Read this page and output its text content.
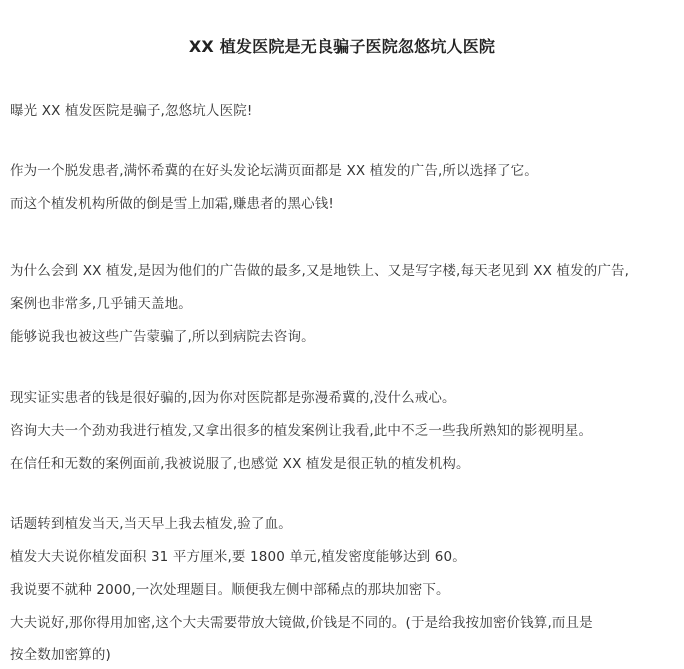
XX 植发医院是无良骗子医院忽悠坑人医院
曝光 XX 植发医院是骗子,忽悠坑人医院!
作为一个脱发患者,满怀希冀的在好头发论坛满页面都是 XX 植发的广告,所以选择了它。
而这个植发机构所做的倒是雪上加霜,赚患者的黑心钱!
为什么会到 XX 植发,是因为他们的广告做的最多,又是地铁上、又是写字楼,每天老见到 XX 植发的广告,
案例也非常多,几乎铺天盖地。
能够说我也被这些广告蒙骗了,所以到病院去咨询。
现实证实患者的钱是很好骗的,因为你对医院都是弥漫希冀的,没什么戒心。
咨询大夫一个劲劝我进行植发,又拿出很多的植发案例让我看,此中不乏一些我所熟知的影视明星。
在信任和无数的案例面前,我被说服了,也感觉 XX 植发是很正轨的植发机构。
话题转到植发当天,当天早上我去植发,验了血。
植发大夫说你植发面积 31 平方厘米,要 1800 单元,植发密度能够达到 60。
我说要不就种 2000,一次处理题目。顺便我左侧中部稀点的那块加密下。
大夫说好,那你得用加密,这个大夫需要带放大镜做,价钱是不同的。(于是给我按加密价钱算,而且是
按全数加密算的)
